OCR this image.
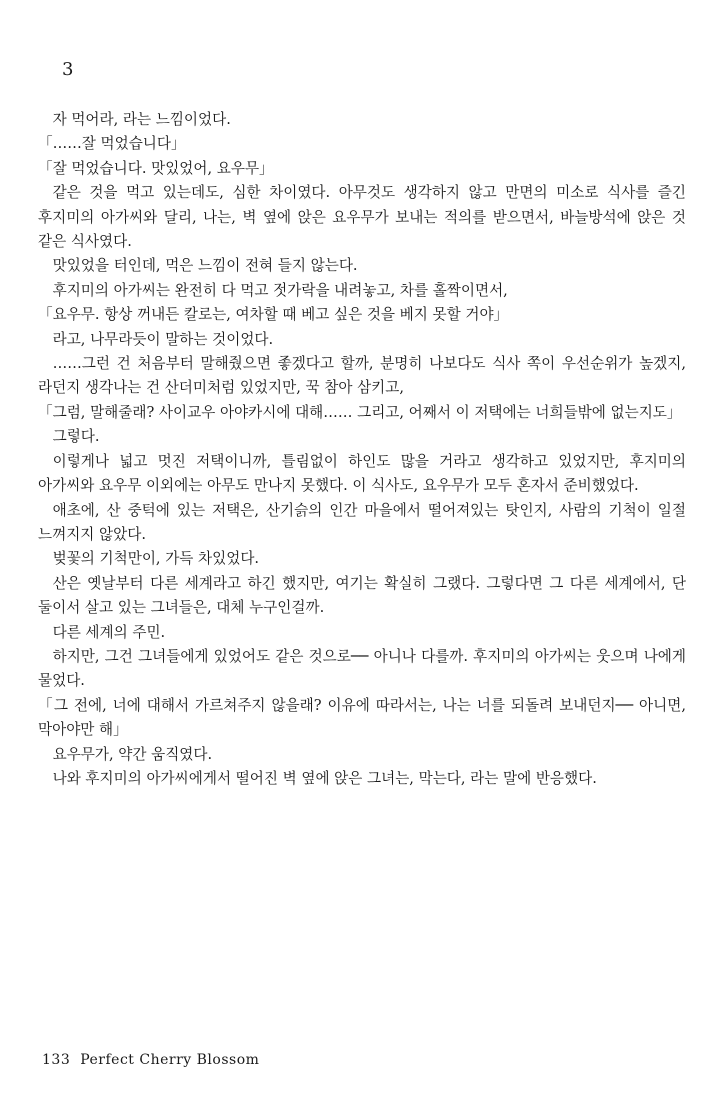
3

자 먹어라, 라는 느낌이었다.

「……잘 먹었습니다」

「잘 먹었습니다. 맛있었어, 요우무」

같은 것을 먹고 있는데도, 심한 차이였다. 아무것도 생각하지 않고 만면의 미소로 식사를 즐긴 후지미의 아가씨와 달리, 나는, 벽 옆에 앉은 요우무가 보내는 적의를 받으면서, 바늘방석에 앉은 것 같은 식사였다.

맛있었을 터인데, 먹은 느낌이 전혀 들지 않는다.

후지미의 아가씨는 완전히 다 먹고 젓가락을 내려놓고, 차를 홀짝이면서,

「요우무. 항상 꺼내든 칼로는, 여차할 때 베고 싶은 것을 베지 못할 거야」

라고, 나무라듯이 말하는 것이었다.

……그런 건 처음부터 말해줬으면 좋겠다고 할까, 분명히 나보다도 식사 쪽이 우선순위가 높겠지, 라던지 생각나는 건 산더미처럼 있었지만, 꾹 참아 삼키고,

「그럼, 말해줄래? 사이교우 아야카시에 대해…… 그리고, 어째서 이 저택에는 너희들밖에 없는지도」

그렇다.

이렇게나 넓고 멋진 저택이니까, 틀림없이 하인도 많을 거라고 생각하고 있었지만, 후지미의 아가씨와 요우무 이외에는 아무도 만나지 못했다. 이 식사도, 요우무가 모두 혼자서 준비했었다.

애초에, 산 중턱에 있는 저택은, 산기슭의 인간 마을에서 떨어져있는 탓인지, 사람의 기척이 일절 느껴지지 않았다.

벚꽃의 기척만이, 가득 차있었다.

산은 옛날부터 다른 세계라고 하긴 했지만, 여기는 확실히 그랬다. 그렇다면 그 다른 세계에서, 단 둘이서 살고 있는 그녀들은, 대체 누구인걸까.

다른 세계의 주민.

하지만, 그건 그녀들에게 있었어도 같은 것으로── 아니나 다를까. 후지미의 아가씨는 웃으며 나에게 물었다.

「그 전에, 너에 대해서 가르쳐주지 않을래? 이유에 따라서는, 나는 너를 되돌려 보내던지── 아니면, 막아야만 해」

요우무가, 약간 움직였다.

나와 후지미의 아가씨에게서 떨어진 벽 옆에 앉은 그녀는, 막는다, 라는 말에 반응했다.

133 Perfect Cherry Blossom
